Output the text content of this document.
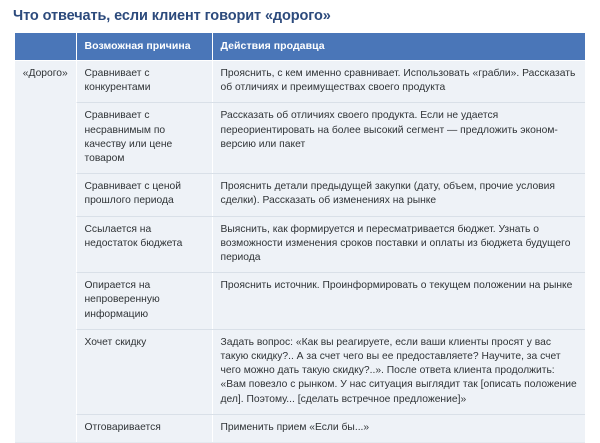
Что отвечать, если клиент говорит «дорого»
	Возможная причина	Действия продавца
«Дорого»	Сравнивает с конкурентами	Прояснить, с кем именно сравнивает. Использовать «грабли». Рассказать об отличиях и преимуществах своего продукта
	Сравнивает с несравнимым по качеству или цене товаром	Рассказать об отличиях своего продукта. Если не удается переориентировать на более высокий сегмент — предложить эконом-версию или пакет
	Сравнивает с ценой прошлого периода	Прояснить детали предыдущей закупки (дату, объем, прочие условия сделки). Рассказать об изменениях на рынке
	Ссылается на недостаток бюджета	Выяснить, как формируется и пересматривается бюджет. Узнать о возможности изменения сроков поставки и оплаты из бюджета будущего периода
	Опирается на непроверенную информацию	Прояснить источник. Проинформировать о текущем положении на рынке
	Хочет скидку	Задать вопрос: «Как вы реагируете, если ваши клиенты просят у вас такую скидку?.. А за счет чего вы ее предоставляете? Научите, за счет чего можно дать такую скидку?..». После ответа клиента продолжить: «Вам повезло с рынком. У нас ситуация выглядит так [описать положение дел]. Поэтому... [сделать встречное предложение]»
	Отговаривается	Применить прием «Если бы...»
